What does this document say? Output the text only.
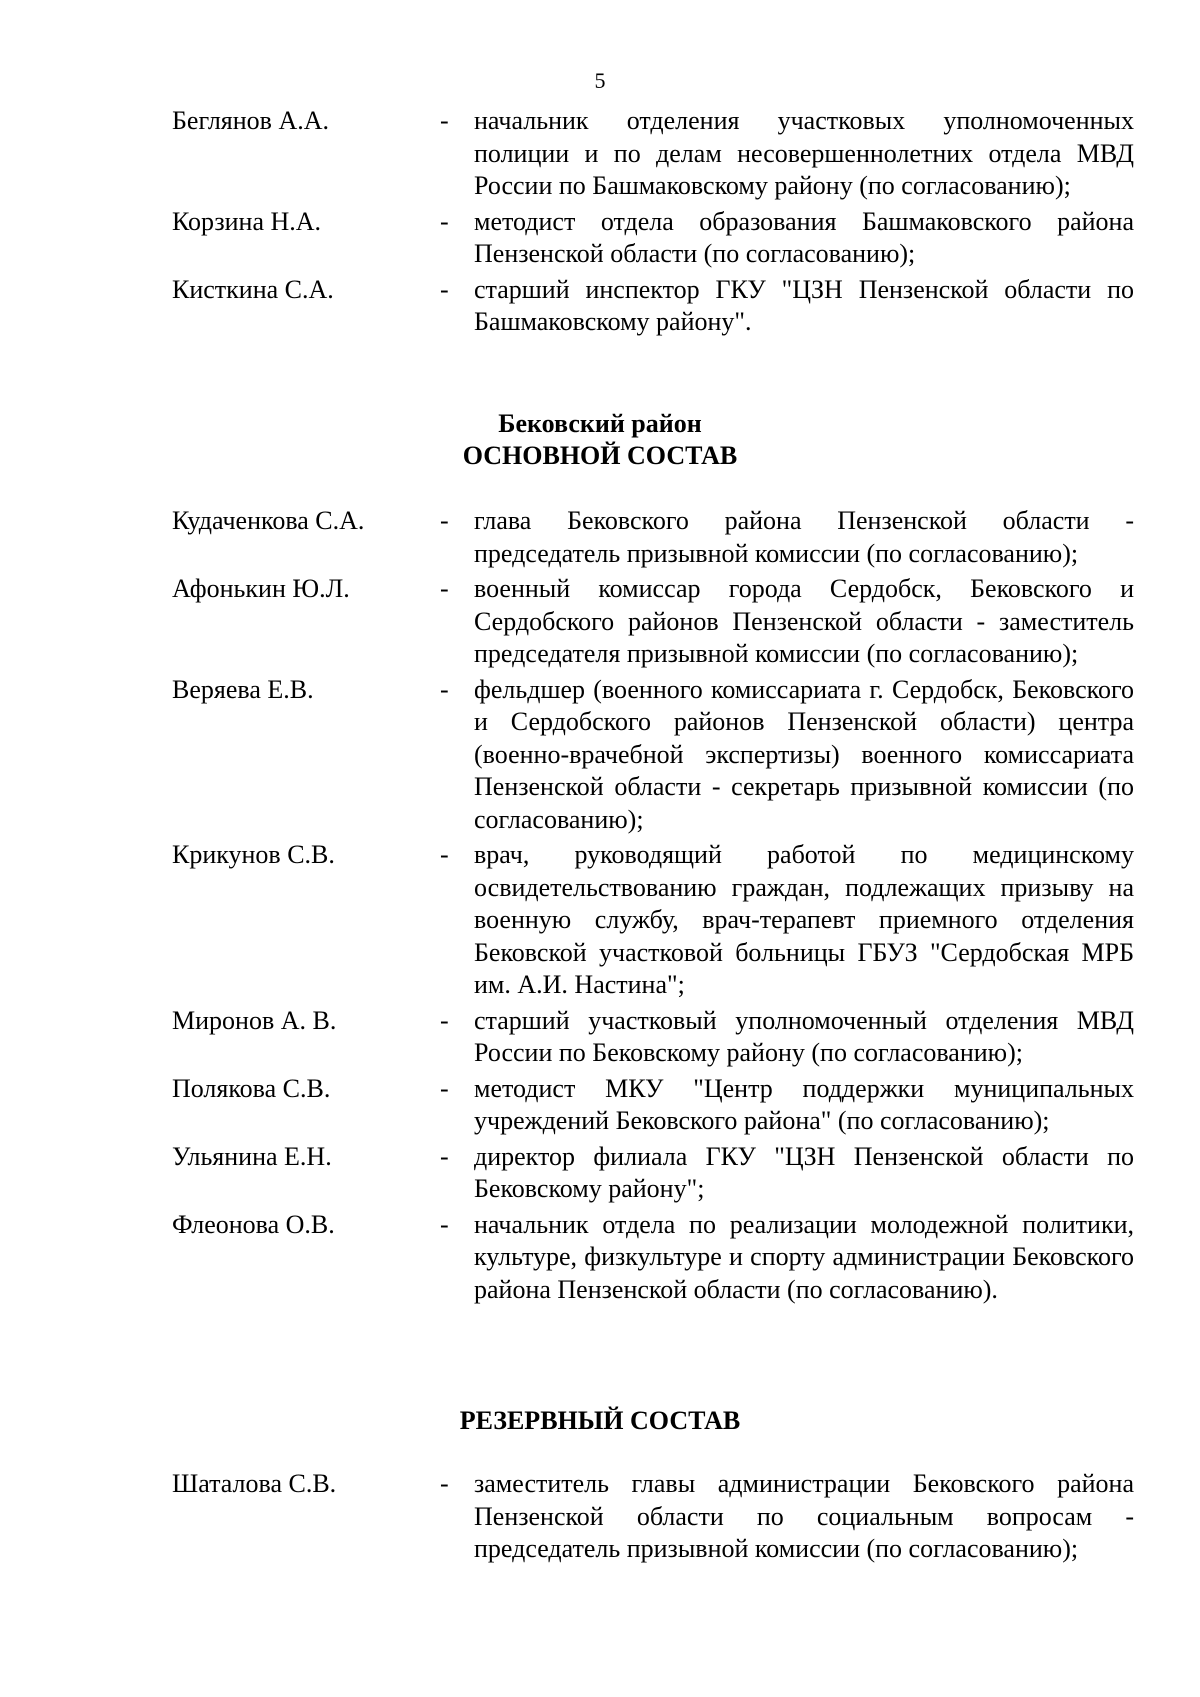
5
Беглянов А.А.	- начальник отделения участковых уполномоченных полиции и по делам несовершеннолетних отдела МВД России по Башмаковскому району (по согласованию);
Корзина Н.А.	- методист отдела образования Башмаковского района Пензенской области (по согласованию);
Кисткина С.А.	- старший инспектор ГКУ "ЦЗН Пензенской области по Башмаковскому району".
Бековский район
ОСНОВНОЙ СОСТАВ
Кудаченкова С.А.	- глава Бековского района Пензенской области - председатель призывной комиссии (по согласованию);
Афонькин Ю.Л.	- военный комиссар города Сердобск, Бековского и Сердобского районов Пензенской области - заместитель председателя призывной комиссии (по согласованию);
Веряева Е.В.	- фельдшер (военного комиссариата г. Сердобск, Бековского и Сердобского районов Пензенской области) центра (военно-врачебной экспертизы) военного комиссариата Пензенской области - секретарь призывной комиссии (по согласованию);
Крикунов С.В.	- врач, руководящий работой по медицинскому освидетельствованию граждан, подлежащих призыву на военную службу, врач-терапевт приемного отделения Бековской участковой больницы ГБУЗ "Сердобская МРБ им. А.И. Настина";
Миронов А. В.	- старший участковый уполномоченный отделения МВД России по Бековскому району (по согласованию);
Полякова С.В.	- методист МКУ "Центр поддержки муниципальных учреждений Бековского района" (по согласованию);
Ульянина Е.Н.	- директор филиала ГКУ "ЦЗН Пензенской области по Бековскому району";
Флеонова О.В.	- начальник отдела по реализации молодежной политики, культуре, физкультуре и спорту администрации Бековского района Пензенской области (по согласованию).
РЕЗЕРВНЫЙ СОСТАВ
Шаталова С.В.	- заместитель главы администрации Бековского района Пензенской области по социальным вопросам - председатель призывной комиссии (по согласованию);
